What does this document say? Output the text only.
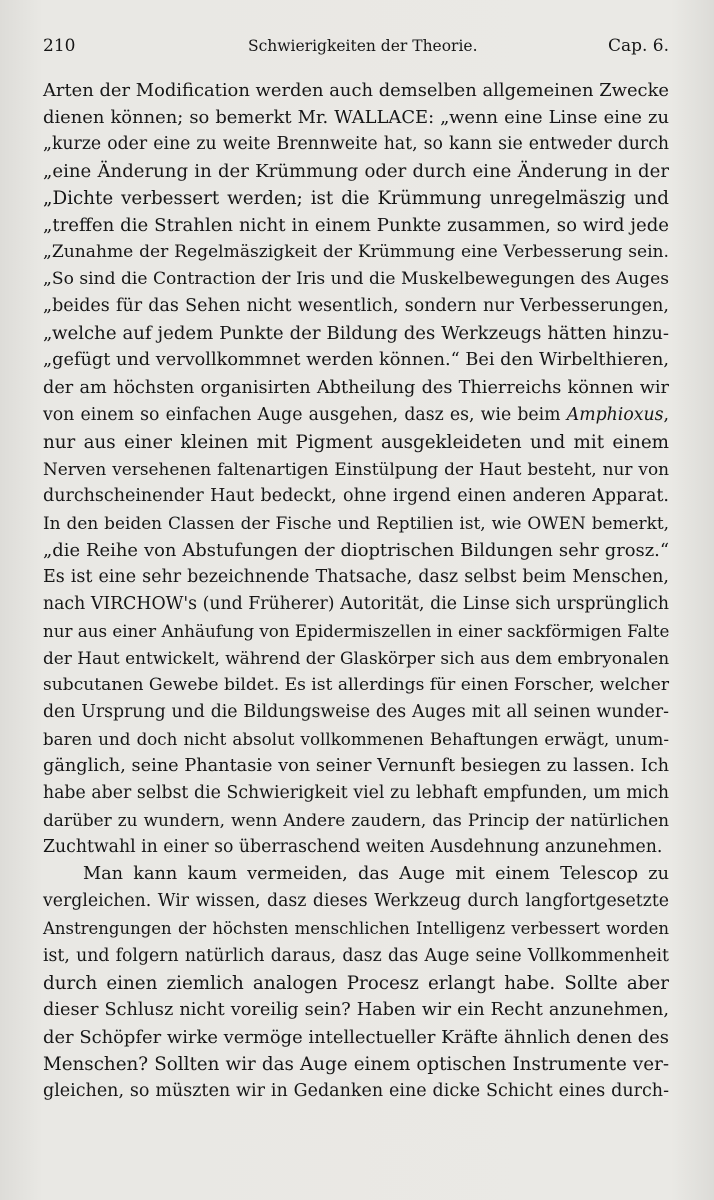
210	Schwierigkeiten der Theorie.	Cap. 6.
Arten der Modification werden auch demselben allgemeinen Zwecke
dienen können; so bemerkt Mr. WALLACE: „wenn eine Linse eine zu
„kurze oder eine zu weite Brennweite hat, so kann sie entweder durch
„eine Änderung in der Krümmung oder durch eine Änderung in der
„Dichte verbessert werden; ist die Krümmung unregelmäszig und
„treffen die Strahlen nicht in einem Punkte zusammen, so wird jede
„Zunahme der Regelmäszigkeit der Krümmung eine Verbesserung sein.
„So sind die Contraction der Iris und die Muskelbewegungen des Auges
„beides für das Sehen nicht wesentlich, sondern nur Verbesserungen,
„welche auf jedem Punkte der Bildung des Werkzeugs hätten hinzu-
„gefügt und vervollkommnet werden können.“ Bei den Wirbelthieren,
der am höchsten organisirten Abtheilung des Thierreichs können wir
von einem so einfachen Auge ausgehen, dasz es, wie beim Amphioxus,
nur aus einer kleinen mit Pigment ausgekleideten und mit einem
Nerven versehenen faltenartigen Einstülpung der Haut besteht, nur von
durchscheinender Haut bedeckt, ohne irgend einen anderen Apparat.
In den beiden Classen der Fische und Reptilien ist, wie OWEN bemerkt,
„die Reihe von Abstufungen der dioptrischen Bildungen sehr grosz.“
Es ist eine sehr bezeichnende Thatsache, dasz selbst beim Menschen,
nach VIRCHOW's (und Früherer) Autorität, die Linse sich ursprünglich
nur aus einer Anhäufung von Epidermiszellen in einer sackförmigen Falte
der Haut entwickelt, während der Glaskörper sich aus dem embryonalen
subcutanen Gewebe bildet. Es ist allerdings für einen Forscher, welcher
den Ursprung und die Bildungsweise des Auges mit all seinen wunder-
baren und doch nicht absolut vollkommenen Behaftungen erwägt, unum-
gänglich, seine Phantasie von seiner Vernunft besiegen zu lassen. Ich
habe aber selbst die Schwierigkeit viel zu lebhaft empfunden, um mich
darüber zu wundern, wenn Andere zaudern, das Princip der natürlichen
Zuchtwahl in einer so überraschend weiten Ausdehnung anzunehmen.
Man kann kaum vermeiden, das Auge mit einem Telescop zu
vergleichen. Wir wissen, dasz dieses Werkzeug durch langfortgesetzte
Anstrengungen der höchsten menschlichen Intelligenz verbessert worden
ist, und folgern natürlich daraus, dasz das Auge seine Vollkommenheit
durch einen ziemlich analogen Procesz erlangt habe. Sollte aber
dieser Schlusz nicht voreilig sein? Haben wir ein Recht anzunehmen,
der Schöpfer wirke vermöge intellectueller Kräfte ähnlich denen des
Menschen? Sollten wir das Auge einem optischen Instrumente ver-
gleichen, so müszten wir in Gedanken eine dicke Schicht eines durch-
